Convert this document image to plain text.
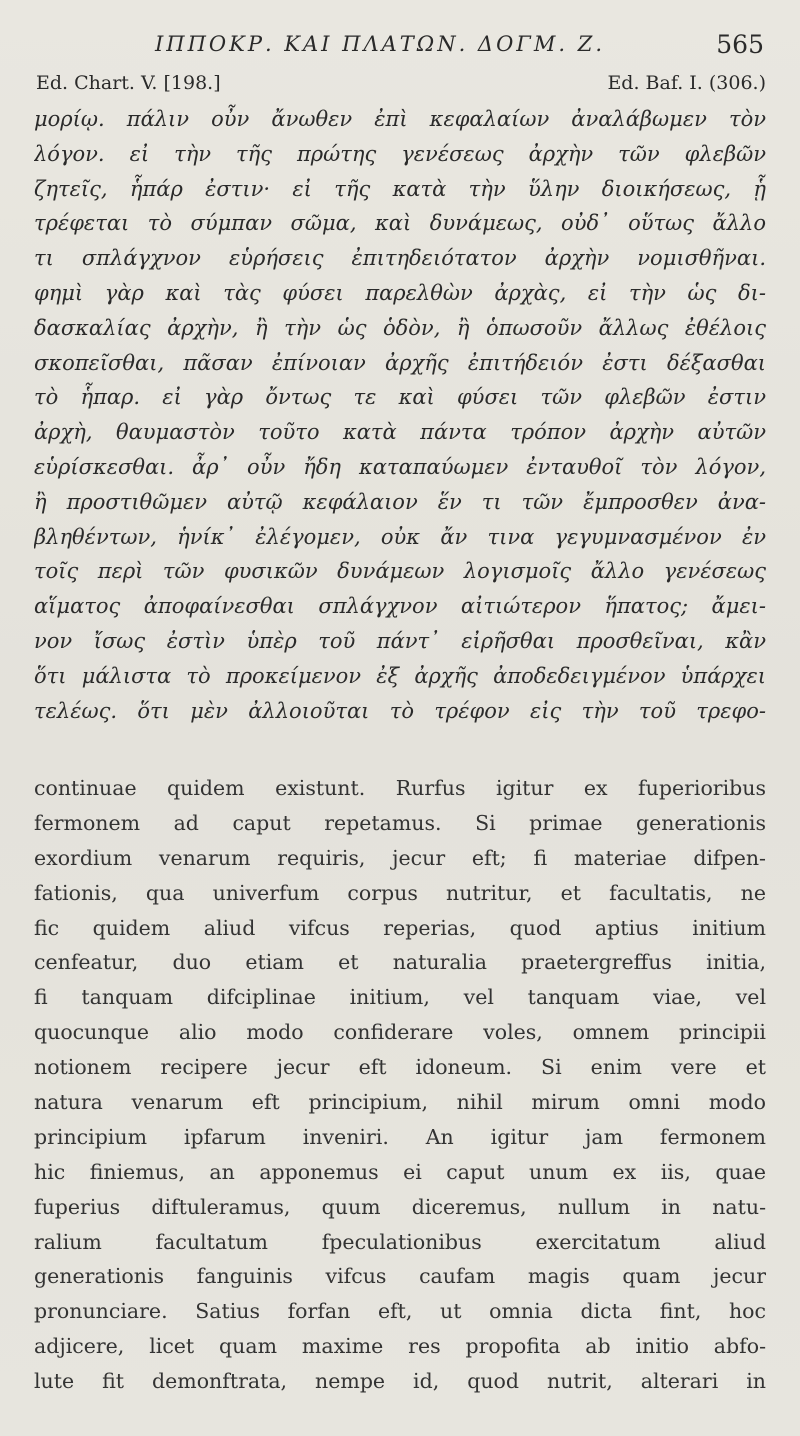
ΙΠΠΟΚΡ. ΚΑΙ ΠΛΑΤΩΝ. ΔΟΓΜ. Ζ.	565
Ed. Chart. V. [198.]	Ed. Baf. I. (306.)
μορίῳ. πάλιν οὖν ἄνωθεν ἐπὶ κεφαλαίων ἀναλάβωμεν τὸν
λόγον. εἰ τὴν τῆς πρώτης γενέσεως ἀρχὴν τῶν φλεβῶν
ζητεῖς, ἧπάρ ἐστιν· εἰ τῆς κατὰ τὴν ὕλην διοικήσεως, ᾗ
τρέφεται τὸ σύμπαν σῶμα, καὶ δυνάμεως, οὐδ᾽ οὕτως ἄλλο
τι σπλάγχνον εὑρήσεις ἐπιτηδειότατον ἀρχὴν νομισθῆναι.
φημὶ γὰρ καὶ τὰς φύσει παρελθὼν ἀρχὰς, εἰ τὴν ὡς δι-
δασκαλίας ἀρχὴν, ἢ τὴν ὡς ὁδὸν, ἢ ὁπωσοῦν ἄλλως ἐθέλοις
σκοπεῖσθαι, πᾶσαν ἐπίνοιαν ἀρχῆς ἐπιτήδειόν ἐστι δέξασθαι
τὸ ἧπαρ. εἰ γὰρ ὄντως τε καὶ φύσει τῶν φλεβῶν ἐστιν
ἀρχὴ, θαυμαστὸν τοῦτο κατὰ πάντα τρόπον ἀρχὴν αὐτῶν
εὑρίσκεσθαι. ἆρ᾽ οὖν ἤδη καταπαύωμεν ἐνταυθοῖ τὸν λόγον,
ἢ προστιθῶμεν αὐτῷ κεφάλαιον ἕν τι τῶν ἔμπροσθεν ἀνα-
βληθέντων, ἡνίκ᾽ ἐλέγομεν, οὐκ ἄν τινα γεγυμνασμένον ἐν
τοῖς περὶ τῶν φυσικῶν δυνάμεων λογισμοῖς ἄλλο γενέσεως
αἵματος ἀποφαίνεσθαι σπλάγχνον αἰτιώτερον ἥπατος; ἄμει-
νον ἴσως ἐστὶν ὑπὲρ τοῦ πάντ᾽ εἰρῆσθαι προσθεῖναι, κἂν
ὅτι μάλιστα τὸ προκείμενον ἐξ ἀρχῆς ἀποδεδειγμένον ὑπάρχει
τελέως. ὅτι μὲν ἀλλοιοῦται τὸ τρέφον εἰς τὴν τοῦ τρεφο-
continuae quidem existunt. Rurfus igitur ex fuperioribus
fermonem ad caput repetamus. Si primae generationis
exordium venarum requiris, jecur eft; fi materiae difpen-
fationis, qua univerfum corpus nutritur, et facultatis, ne
fic quidem aliud vifcus reperias, quod aptius initium
cenfeatur, duo etiam et naturalia praetergreffus initia,
fi tanquam difciplinae initium, vel tanquam viae, vel
quocunque alio modo confiderare voles, omnem principii
notionem recipere jecur eft idoneum. Si enim vere et
natura venarum eft principium, nihil mirum omni modo
principium ipfarum inveniri. An igitur jam fermonem
hic finiemus, an apponemus ei caput unum ex iis, quae
fuperius diftuleramus, quum diceremus, nullum in natu-
ralium facultatum fpeculationibus exercitatum aliud
generationis fanguinis vifcus caufam magis quam jecur
pronunciare. Satius forfan eft, ut omnia dicta fint, hoc
adjicere, licet quam maxime res propofita ab initio abfo-
lute fit demonftrata, nempe id, quod nutrit, alterari in
